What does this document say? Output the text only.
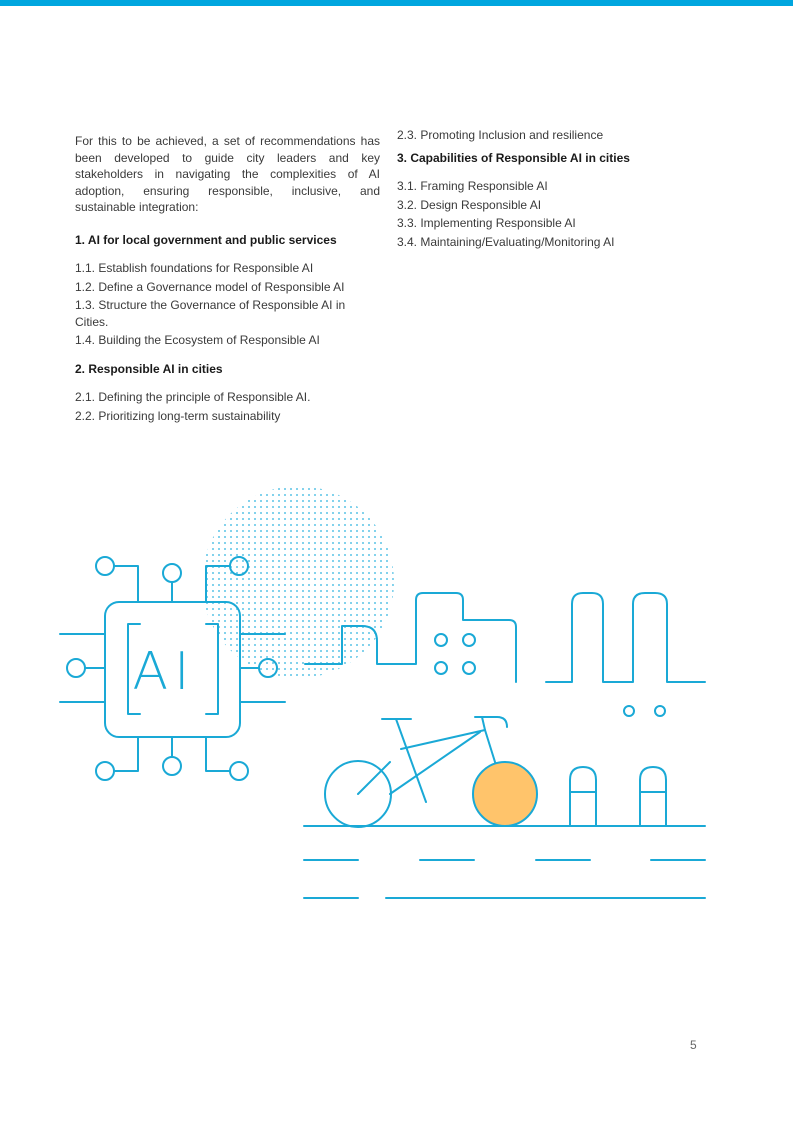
For this to be achieved, a set of recommendations has been developed to guide city leaders and key stakeholders in navigating the complexities of AI adoption, ensuring responsible, inclusive, and sustainable integration:

1. AI for local government and public services
1.1. Establish foundations for Responsible AI
1.2. Define a Governance model of Responsible AI
1.3. Structure the Governance of Responsible AI in Cities.
1.4. Building the Ecosystem of Responsible AI
2. Responsible AI in cities
2.1. Defining the principle of Responsible AI.
2.2. Prioritizing long-term sustainability
2.3. Promoting Inclusion and resilience
3. Capabilities of Responsible AI in cities
3.1. Framing Responsible AI
3.2. Design Responsible AI
3.3. Implementing Responsible AI
3.4. Maintaining/Evaluating/Monitoring AI
AI
5
